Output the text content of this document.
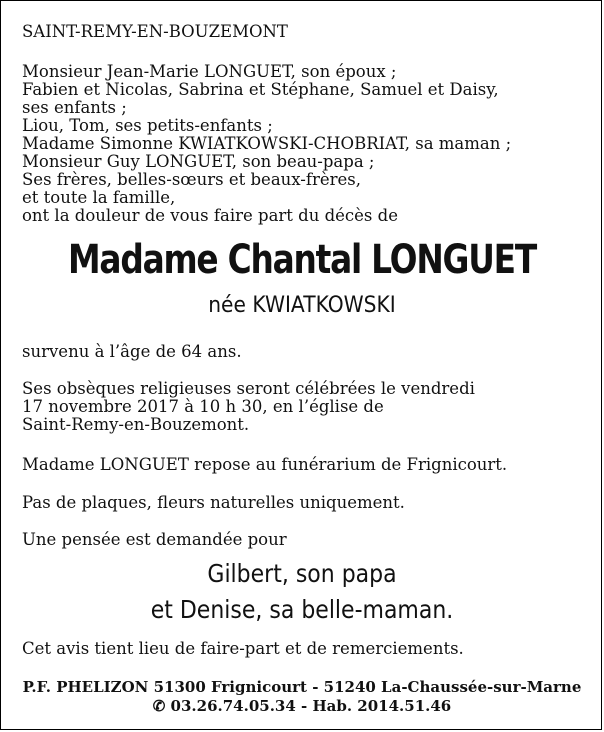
SAINT-REMY-EN-BOUZEMONT
Monsieur Jean-Marie LONGUET, son époux ;
Fabien et Nicolas, Sabrina et Stéphane, Samuel et Daisy,
ses enfants ;
Liou, Tom, ses petits-enfants ;
Madame Simonne KWIATKOWSKI-CHOBRIAT, sa maman ;
Monsieur Guy LONGUET, son beau-papa ;
Ses frères, belles-sœurs et beaux-frères,
et toute la famille,
ont la douleur de vous faire part du décès de
Madame Chantal LONGUET
née KWIATKOWSKI
survenu à l’âge de 64 ans.
Ses obsèques religieuses seront célébrées le vendredi
17 novembre 2017 à 10 h 30, en l’église de
Saint-Remy-en-Bouzemont.
Madame LONGUET repose au funérarium de Frignicourt.
Pas de plaques, fleurs naturelles uniquement.
Une pensée est demandée pour
Gilbert, son papa
et Denise, sa belle-maman.
Cet avis tient lieu de faire-part et de remerciements.
P.F. PHELIZON 51300 Frignicourt - 51240 La-Chaussée-sur-Marne
✆ 03.26.74.05.34 - Hab. 2014.51.46
